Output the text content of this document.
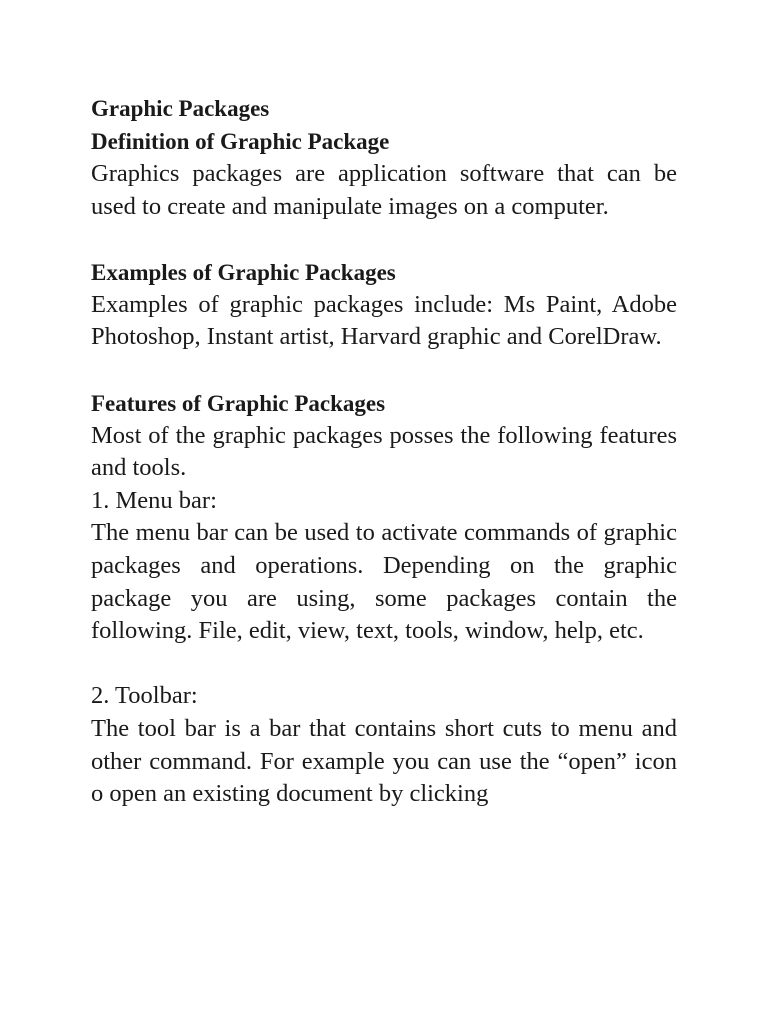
Graphic Packages

Definition of Graphic Package

Graphics packages are application software that can be used to create and manipulate images on a computer.

Examples of Graphic Packages

Examples of graphic packages include: Ms Paint, Adobe Photoshop, Instant artist, Harvard graphic and CorelDraw.

Features of Graphic Packages

Most of the graphic packages posses the following features and tools.

1. Menu bar:

The menu bar can be used to activate commands of graphic packages and operations. Depending on the graphic package you are using, some packages contain the following. File, edit, view, text, tools, window, help, etc.

2. Toolbar:

The tool bar is a bar that contains short cuts to menu and other command. For example you can use the “open” icon o open an existing document by clicking
